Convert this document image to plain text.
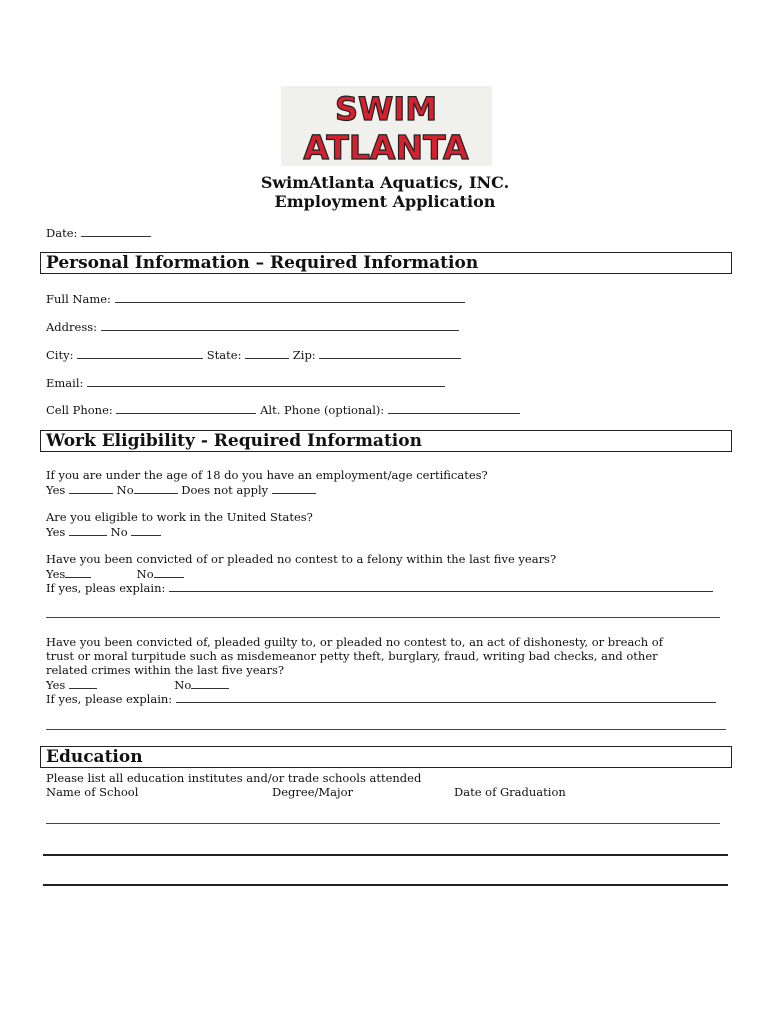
SWIM
ATLANTA
SwimAtlanta Aquatics, INC.
Employment Application
Date:
Personal Information – Required Information
Full Name:
Address:
City:	State:	Zip:
Email:
Cell Phone:	Alt. Phone (optional):
Work Eligibility - Required Information
If you are under the age of 18 do you have an employment/age certificates?
Yes	No	Does not apply
Are you eligible to work in the United States?
Yes	No
Have you been convicted of or pleaded no contest to a felony within the last five years?
Yes	No
If yes, pleas explain:
Have you been convicted of, pleaded guilty to, or pleaded no contest to, an act of dishonesty, or breach of
trust or moral turpitude such as misdemeanor petty theft, burglary, fraud, writing bad checks, and other
related crimes within the last five years?
Yes	No
If yes, please explain:
Education
Please list all education institutes and/or trade schools attended
Name of School	Degree/Major	Date of Graduation
